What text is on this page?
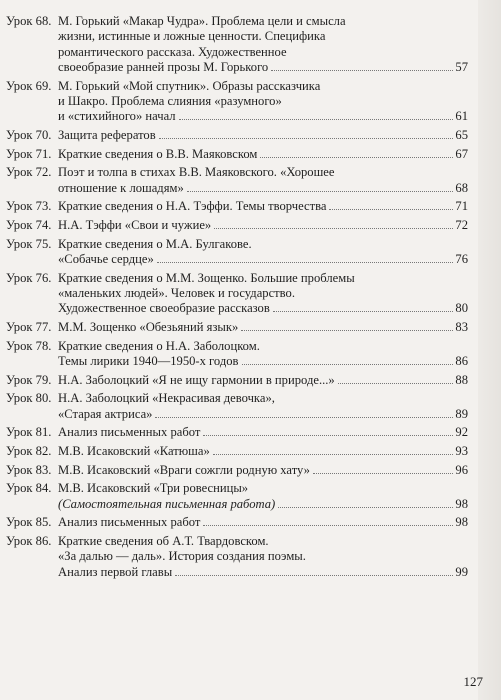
Урок 68. М. Горький «Макар Чудра». Проблема цели и смысла
жизни, истинные и ложные ценности. Специфика
романтического рассказа. Художественное
своеобразие ранней прозы М. Горького	57
Урок 69. М. Горький «Мой спутник». Образы рассказчика
и Шакро. Проблема слияния «разумного»
и «стихийного» начал	61
Урок 70. Защита рефератов	65
Урок 71. Краткие сведения о В.В. Маяковском	67
Урок 72. Поэт и толпа в стихах В.В. Маяковского. «Хорошее
отношение к лошадям»	68
Урок 73. Краткие сведения о Н.А. Тэффи. Темы творчества	71
Урок 74. Н.А. Тэффи «Свои и чужие»	72
Урок 75. Краткие сведения о М.А. Булгакове.
«Собачье сердце»	76
Урок 76. Краткие сведения о М.М. Зощенко. Большие проблемы
«маленьких людей». Человек и государство.
Художественное своеобразие рассказов	80
Урок 77. М.М. Зощенко «Обезьяний язык»	83
Урок 78. Краткие сведения о Н.А. Заболоцком.
Темы лирики 1940—1950-х годов	86
Урок 79. Н.А. Заболоцкий «Я не ищу гармонии в природе...»	88
Урок 80. Н.А. Заболоцкий «Некрасивая девочка»,
«Старая актриса»	89
Урок 81. Анализ письменных работ	92
Урок 82. М.В. Исаковский «Катюша»	93
Урок 83. М.В. Исаковский «Враги сожгли родную хату»	96
Урок 84. М.В. Исаковский «Три ровесницы»
(Самостоятельная письменная работа)	98
Урок 85. Анализ письменных работ	98
Урок 86. Краткие сведения об А.Т. Твардовском.
«За далью — даль». История создания поэмы.
Анализ первой главы	99
127
